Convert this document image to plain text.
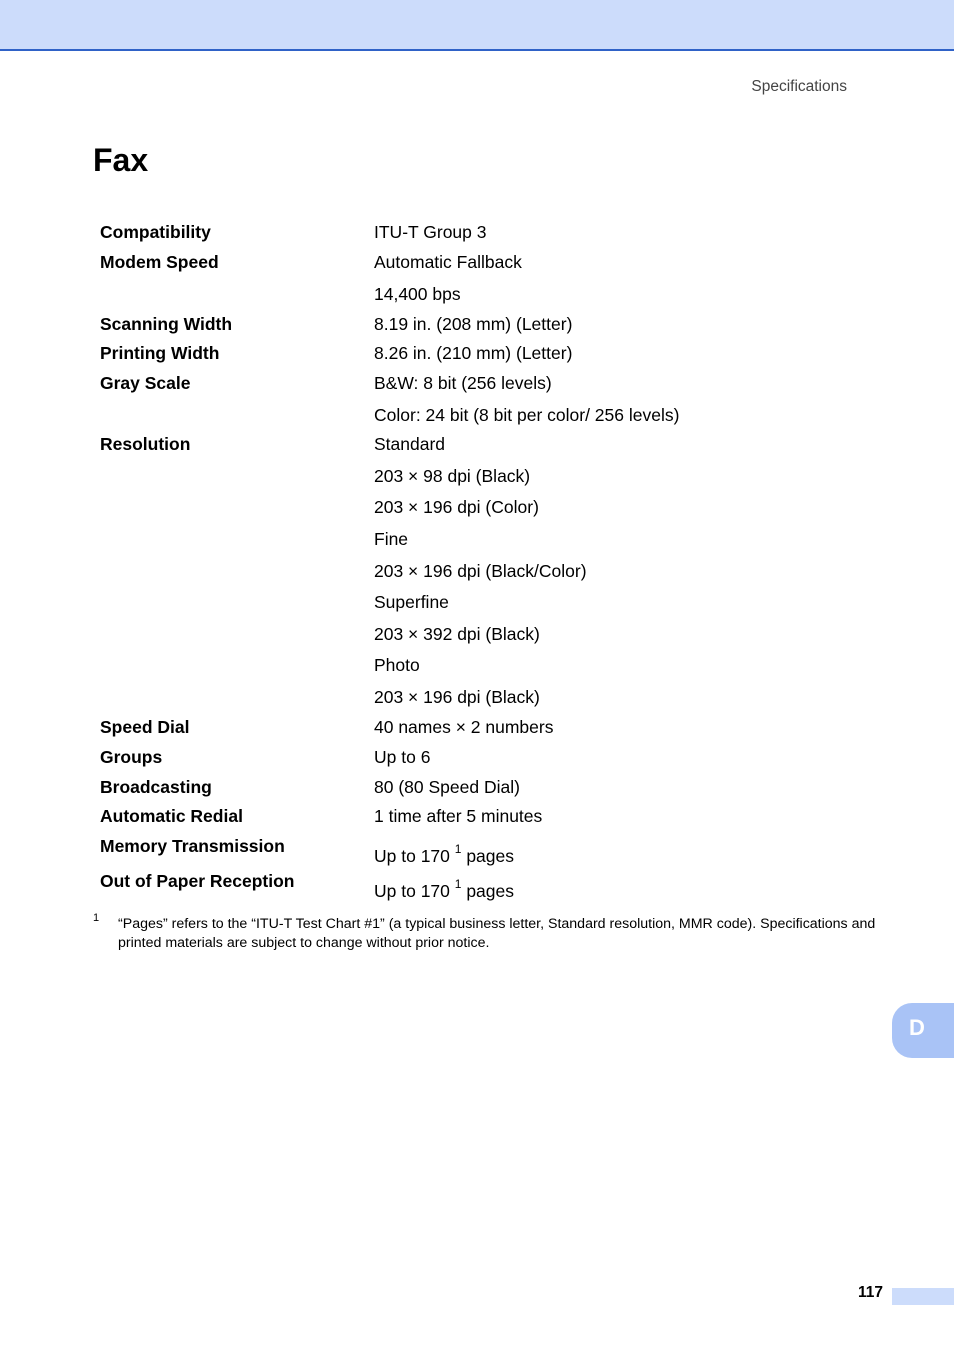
Specifications
Fax
Compatibility
Modem Speed
Scanning Width
Printing Width
Gray Scale
Resolution
Speed Dial
Groups
Broadcasting
Automatic Redial
Memory Transmission
Out of Paper Reception
ITU-T Group 3
Automatic Fallback
14,400 bps
8.19 in. (208 mm) (Letter)
8.26 in. (210 mm) (Letter)
B&W: 8 bit (256 levels)
Color: 24 bit (8 bit per color/ 256 levels)
Standard
203 × 98 dpi (Black)
203 × 196 dpi (Color)
Fine
203 × 196 dpi (Black/Color)
Superfine
203 × 392 dpi (Black)
Photo
203 × 196 dpi (Black)
40 names × 2 numbers
Up to 6
80 (80 Speed Dial)
1 time after 5 minutes
Up to 170 $^1$ pages
Up to 170 $^1$ pages
1 “Pages” refers to the “ITU-T Test Chart #1” (a typical business letter, Standard resolution, MMR code). Specifications and printed materials are subject to change without prior notice.
D
117
